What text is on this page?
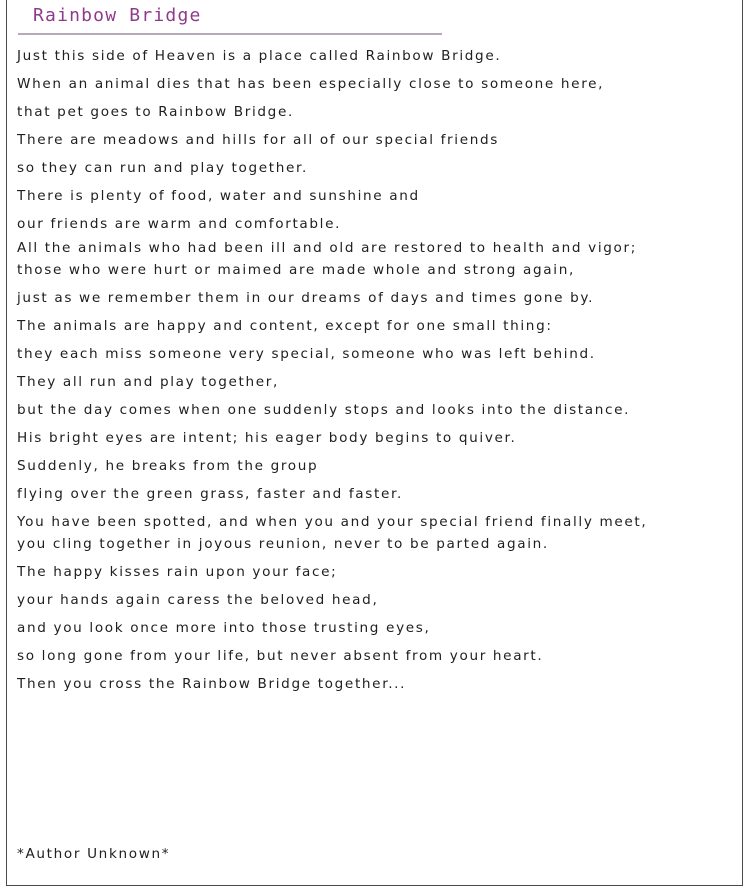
Rainbow Bridge
Just this side of Heaven is a place called Rainbow Bridge.
When an animal dies that has been especially close to someone here,
that pet goes to Rainbow Bridge.
There are meadows and hills for all of our special friends
so they can run and play together.
There is plenty of food, water and sunshine and
our friends are warm and comfortable.
All the animals who had been ill and old are restored to health and vigor;
those who were hurt or maimed are made whole and strong again,
just as we remember them in our dreams of days and times gone by.
The animals are happy and content, except for one small thing:
they each miss someone very special, someone who was left behind.
They all run and play together,
but the day comes when one suddenly stops and looks into the distance.
His bright eyes are intent; his eager body begins to quiver.
Suddenly, he breaks from the group
flying over the green grass, faster and faster.
You have been spotted, and when you and your special friend finally meet,
you cling together in joyous reunion, never to be parted again.
The happy kisses rain upon your face;
your hands again caress the beloved head,
and you look once more into those trusting eyes,
so long gone from your life, but never absent from your heart.
Then you cross the Rainbow Bridge together...
*Author Unknown*
